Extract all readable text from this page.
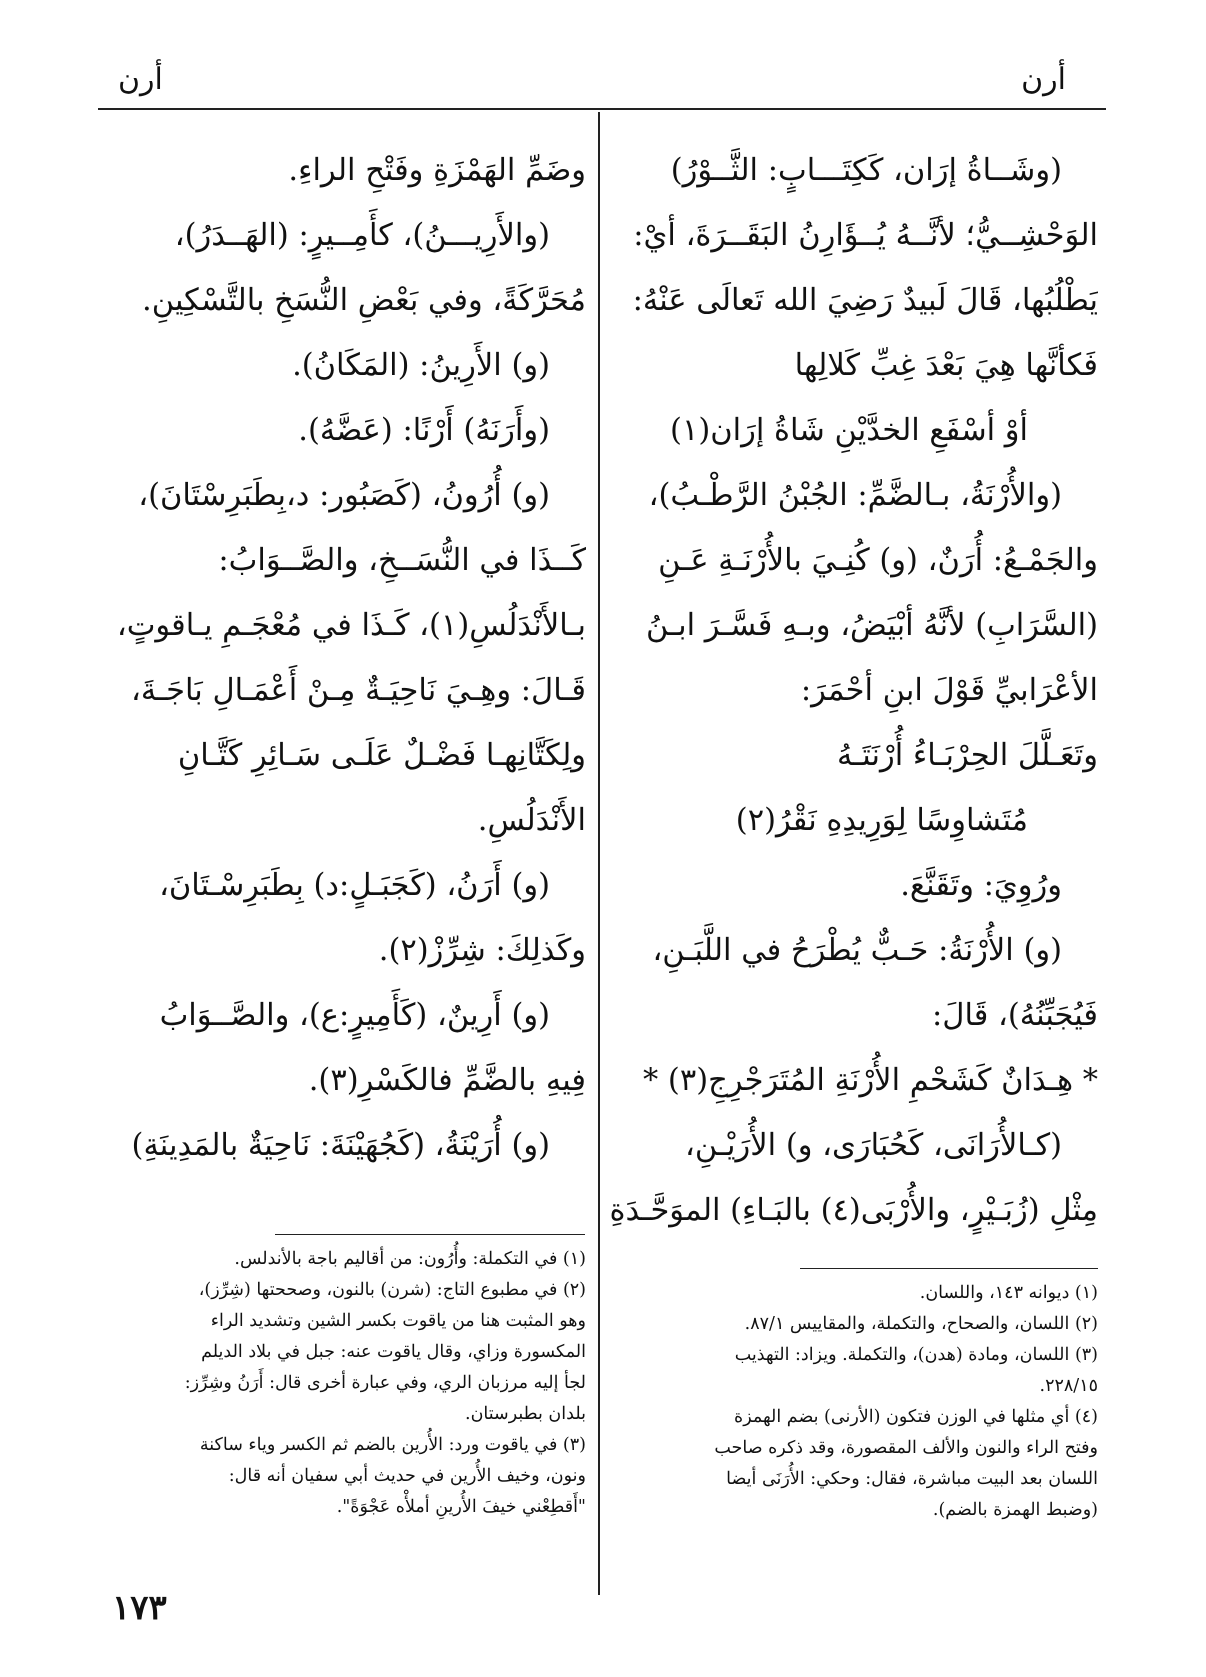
أرن
أرن
(وشَــاةُ إرَان، كَكِتَـــابٍ: الثَّــوْرُ)
الوَحْشِــيُّ؛ لأنَّــهُ يُــؤَارِنُ البَقَــرَةَ، أيْ:
يَطْلُبُها، قَالَ لَبيدٌ رَضِيَ الله تَعالَى عَنْهُ:
فَكأنَّها هِيَ بَعْدَ غِبِّ كَلالِها
أوْ أسْفَعِ الخدَّيْنِ شَاةُ إرَان(١)
(والأُرْنَةُ، بـالضَّمِّ: الجُبْنُ الرَّطْـبُ)،
والجَمْـعُ: أُرَنٌ، (و) كُنِـيَ بالأُرْنَـةِ عَـنِ
(السَّرَابِ) لأنَّهُ أبْيَضُ، وبـهِ فَسَّـرَ ابـنُ
الأعْرَابيِّ قَوْلَ ابنِ أحْمَرَ:
وتَعَـلَّلَ الحِرْبَـاءُ أُرْنَتَـهُ
مُتَشاوِسًا لِوَرِيدِهِ نَقْرُ(٢)
ورُوِيَ: وتَقَنَّعَ.
(و) الأُرْنَةُ: حَـبٌّ يُطْرَحُ في اللَّبَـنِ،
فَيُجَبِّنُهُ)، قَالَ:
* هِـدَانٌ كَشَحْمِ الأُرْنَةِ المُتَرَجْرِجِ(٣) *
(كـالأُرَانَى، كَحُبَارَى، و) الأُرَيْـنِ،
مِثْلِ (زُبَـيْرٍ، والأُرْبَى(٤) بالبَـاءِ) الموَحَّـدَةِ
وضَمِّ الهَمْزَةِ وفَتْحِ الراءِ.
(والأَرِيـــنُ)، كأَمِــيرٍ: (الهَــدَرُ)،
مُحَرَّكَةً، وفي بَعْضِ النُّسَخِ بالتَّسْكِينِ.
(و) الأَرِينُ: (المَكَانُ).
(وأَرَنَهُ) أَرْنًا: (عَضَّهُ).
(و) أُرُونُ، (كَصَبُور: د،بِطَبَرِسْتَانَ)،
كَــذَا في النُّسَــخِ، والصَّــوَابُ:
بـالأَنْدَلُسِ(١)، كَـذَا في مُعْجَـمِ يـاقوتٍ،
قَـالَ: وهِـيَ نَاحِيَـةٌ مِـنْ أَعْمَـالِ بَاجَـةَ،
ولِكَتَّانِهـا فَضْـلٌ عَلَـى سَـائِرِ كَتَّـانِ
الأَنْدَلُسِ.
(و) أَرَنُ، (كَجَبَـلٍ:د) بِطَبَرِسْـتَانَ،
وكَذلِكَ: شِرِّزْ(٢).
(و) أَرِينٌ، (كَأَمِيرٍ:ع)، والصَّــوَابُ
فِيهِ بالضَّمِّ فالكَسْرِ(٣).
(و) أُرَيْنَةُ، (كَجُهَيْنَةَ: نَاحِيَةٌ بالمَدِينَةِ)

(١) ديوانه ١٤٣، واللسان.

(٢) اللسان، والصحاح، والتكملة، والمقاييس ٨٧/١.

(٣) اللسان، ومادة (هدن)، والتكملة. ويزاد: التهذيب

٢٢٨/١٥.

(٤) أي مثلها في الوزن فتكون (الأرنى) بضم الهمزة

وفتح الراء والنون والألف المقصورة، وقد ذكره صاحب

اللسان بعد البيت مباشرة، فقال: وحكي: الأُرَنَى أيضا

(وضبط الهمزة بالضم).

(١) في التكملة: وأُرُون: من أقاليم باجة بالأندلس.

(٢) في مطبوع التاج: (شرن) بالنون، وصححتها (شِرِّز)،

وهو المثبت هنا من ياقوت بكسر الشين وتشديد الراء

المكسورة وزاي، وقال ياقوت عنه: جبل في بلاد الديلم

لجأ إليه مرزبان الري، وفي عبارة أخرى قال: أَرَنُ وشِرِّز:

بلدان بطبرستان.

(٣) في ياقوت ورد: الأُرين بالضم ثم الكسر وياء ساكنة

ونون، وخيف الأُرين في حديث أبي سفيان أنه قال:

"أَقطِعْني خيفَ الأُرينِ أملأْه عَجْوَةً".

١٧٣
